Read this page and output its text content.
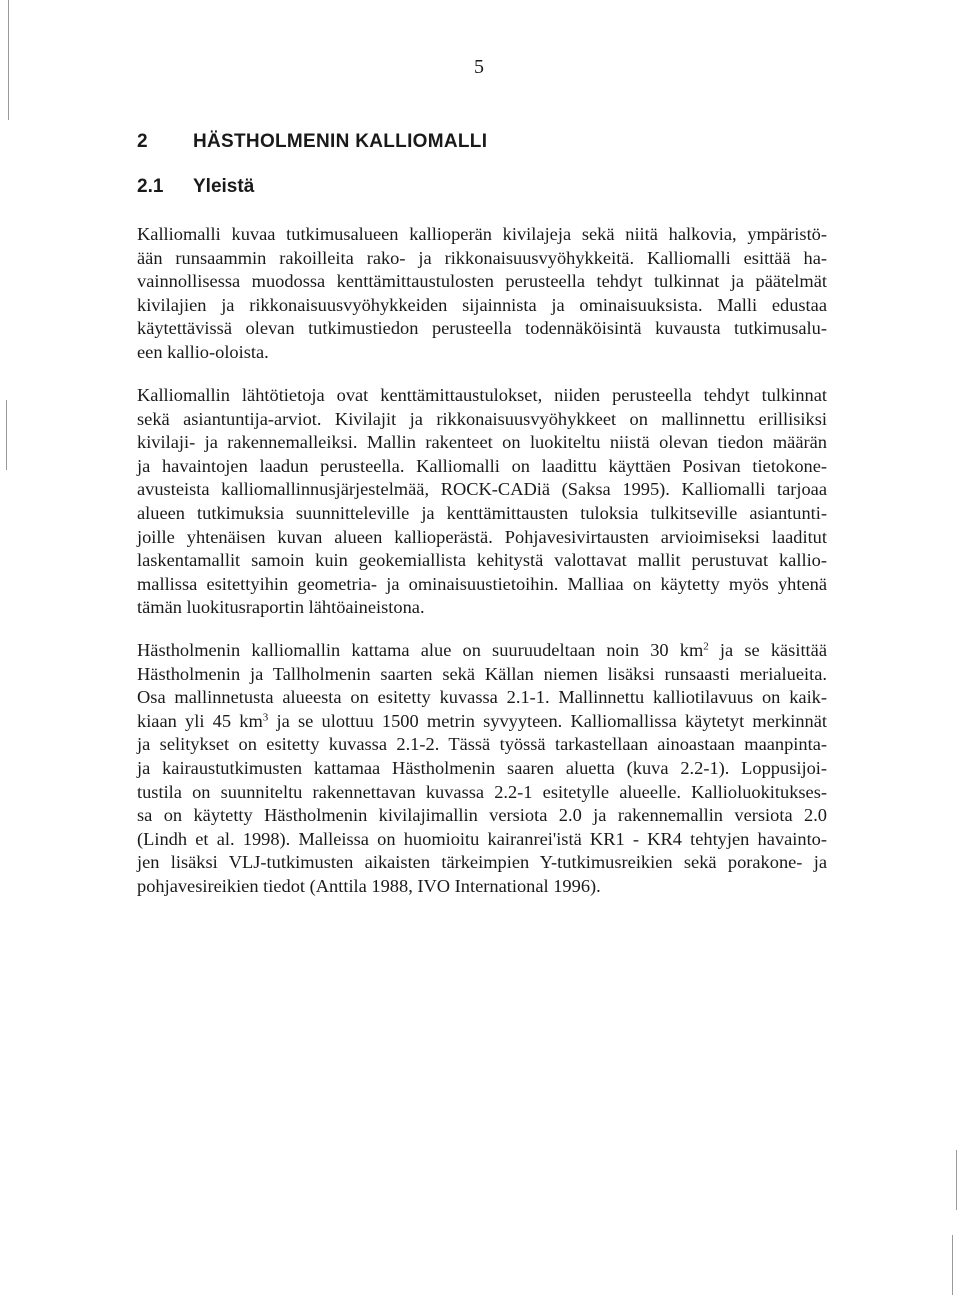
5
2 HÄSTHOLMENIN KALLIOMALLI
2.1 Yleistä
Kalliomalli kuvaa tutkimusalueen kallioperän kivilajeja sekä niitä halkovia, ympäristö-
ään runsaammin rakoilleita rako- ja rikkonaisuusvyöhykkeitä. Kalliomalli esittää ha-
vainnollisessa muodossa kenttämittaustulosten perusteella tehdyt tulkinnat ja päätelmät
kivilajien ja rikkonaisuusvyöhykkeiden sijainnista ja ominaisuuksista. Malli edustaa
käytettävissä olevan tutkimustiedon perusteella todennäköisintä kuvausta tutkimusalu-
een kallio-oloista.
Kalliomallin lähtötietoja ovat kenttämittaustulokset, niiden perusteella tehdyt tulkinnat
sekä asiantuntija-arviot. Kivilajit ja rikkonaisuusvyöhykkeet on mallinnettu erillisiksi
kivilaji- ja rakennemalleiksi. Mallin rakenteet on luokiteltu niistä olevan tiedon määrän
ja havaintojen laadun perusteella. Kalliomalli on laadittu käyttäen Posivan tietokone-
avusteista kalliomallinnusjärjestelmää, ROCK-CADiä (Saksa 1995). Kalliomalli tarjoaa
alueen tutkimuksia suunnitteleville ja kenttämittausten tuloksia tulkitseville asiantunti-
joille yhtenäisen kuvan alueen kallioperästä. Pohjavesivirtausten arvioimiseksi laaditut
laskentamallit samoin kuin geokemiallista kehitystä valottavat mallit perustuvat kallio-
mallissa esitettyihin geometria- ja ominaisuustietoihin. Malliaa on käytetty myös yhtenä
tämän luokitusraportin lähtöaineistona.
Hästholmenin kalliomallin kattama alue on suuruudeltaan noin 30 $km^2$ ja se käsittää
Hästholmenin ja Tallholmenin saarten sekä Källan niemen lisäksi runsaasti merialueita.
Osa mallinnetusta alueesta on esitetty kuvassa 2.1-1. Mallinnettu kalliotilavuus on kaik-
kiaan yli 45 $km^3$ ja se ulottuu 1500 metrin syvyyteen. Kalliomallissa käytetyt merkinnät
ja selitykset on esitetty kuvassa 2.1-2. Tässä työssä tarkastellaan ainoastaan maanpinta-
ja kairaustutkimusten kattamaa Hästholmenin saaren aluetta (kuva 2.2-1). Loppusijoi-
tustila on suunniteltu rakennettavan kuvassa 2.2-1 esitetylle alueelle. Kallioluokitukses-
sa on käytetty Hästholmenin kivilajimallin versiota 2.0 ja rakennemallin versiota 2.0
(Lindh et al. 1998). Malleissa on huomioitu kairanrei'istä KR1 - KR4 tehtyjen havainto-
jen lisäksi VLJ-tutkimusten aikaisten tärkeimpien Y-tutkimusreikien sekä porakone- ja
pohjavesireikien tiedot (Anttila 1988, IVO International 1996).
